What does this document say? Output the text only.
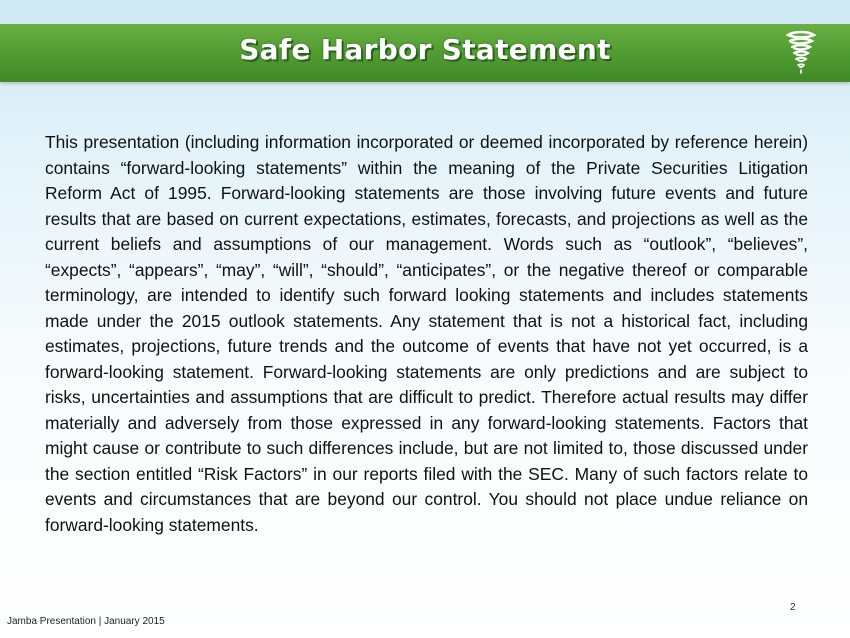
Safe Harbor Statement

This presentation (including information incorporated or deemed incorporated by reference herein) contains “forward-looking statements” within the meaning of the Private Securities Litigation Reform Act of 1995. Forward-looking statements are those involving future events and future results that are based on current expectations, estimates, forecasts, and projections as well as the current beliefs and assumptions of our management. Words such as “outlook”, “believes”, “expects”, “appears”, “may”, “will”, “should”, “anticipates”, or the negative thereof or comparable terminology, are intended to identify such forward looking statements and includes statements made under the 2015 outlook statements. Any statement that is not a historical fact, including estimates, projections, future trends and the outcome of events that have not yet occurred, is a forward-looking statement. Forward-looking statements are only predictions and are subject to risks, uncertainties and assumptions that are difficult to predict. Therefore actual results may differ materially and adversely from those expressed in any forward-looking statements. Factors that might cause or contribute to such differences include, but are not limited to, those discussed under the section entitled “Risk Factors” in our reports filed with the SEC. Many of such factors relate to events and circumstances that are beyond our control. You should not place undue reliance on forward-looking statements.

2
Jamba Presentation | January 2015
